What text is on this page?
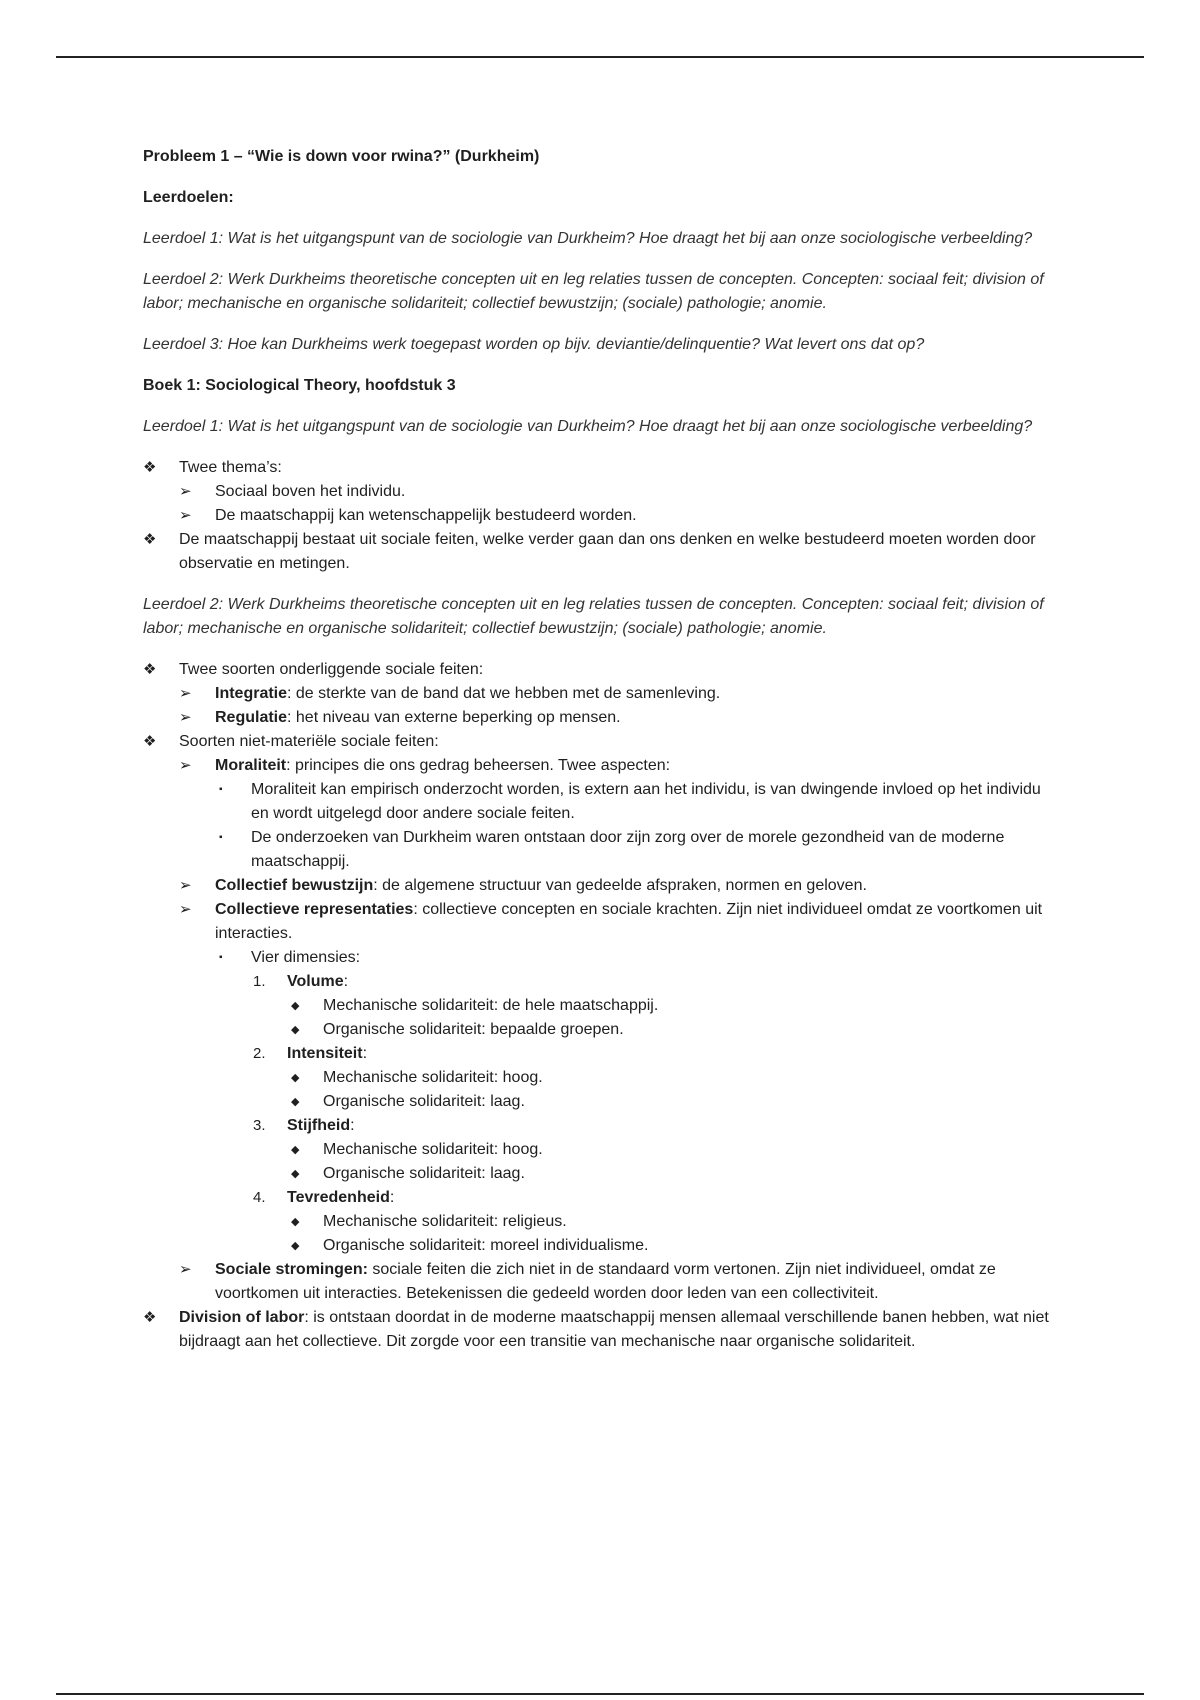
Probleem 1 – “Wie is down voor rwina?” (Durkheim)

Leerdoelen:

Leerdoel 1: Wat is het uitgangspunt van de sociologie van Durkheim? Hoe draagt het bij aan onze sociologische verbeelding?

Leerdoel 2: Werk Durkheims theoretische concepten uit en leg relaties tussen de concepten. Concepten: sociaal feit; division of labor; mechanische en organische solidariteit; collectief bewustzijn; (sociale) pathologie; anomie.

Leerdoel 3: Hoe kan Durkheims werk toegepast worden op bijv. deviantie/delinquentie? Wat levert ons dat op?

Boek 1: Sociological Theory, hoofdstuk 3

Leerdoel 1: Wat is het uitgangspunt van de sociologie van Durkheim? Hoe draagt het bij aan onze sociologische verbeelding?

❖	Twee thema’s:
➢	Sociaal boven het individu.
➢	De maatschappij kan wetenschappelijk bestudeerd worden.
❖	De maatschappij bestaat uit sociale feiten, welke verder gaan dan ons denken en welke bestudeerd moeten worden door observatie en metingen.

Leerdoel 2: Werk Durkheims theoretische concepten uit en leg relaties tussen de concepten. Concepten: sociaal feit; division of labor; mechanische en organische solidariteit; collectief bewustzijn; (sociale) pathologie; anomie.

❖	Twee soorten onderliggende sociale feiten:
➢	Integratie: de sterkte van de band dat we hebben met de samenleving.
➢	Regulatie: het niveau van externe beperking op mensen.
❖	Soorten niet-materiële sociale feiten:
➢	Moraliteit: principes die ons gedrag beheersen. Twee aspecten:
▪	Moraliteit kan empirisch onderzocht worden, is extern aan het individu, is van dwingende invloed op het individu en wordt uitgelegd door andere sociale feiten.
▪	De onderzoeken van Durkheim waren ontstaan door zijn zorg over de morele gezondheid van de moderne maatschappij.
➢	Collectief bewustzijn: de algemene structuur van gedeelde afspraken, normen en geloven.
➢	Collectieve representaties: collectieve concepten en sociale krachten. Zijn niet individueel omdat ze voortkomen uit interacties.
▪	Vier dimensies:
1.	Volume:
◆	Mechanische solidariteit: de hele maatschappij.
◆	Organische solidariteit: bepaalde groepen.
2.	Intensiteit:
◆	Mechanische solidariteit: hoog.
◆	Organische solidariteit: laag.
3.	Stijfheid:
◆	Mechanische solidariteit: hoog.
◆	Organische solidariteit: laag.
4.	Tevredenheid:
◆	Mechanische solidariteit: religieus.
◆	Organische solidariteit: moreel individualisme.
➢	Sociale stromingen: sociale feiten die zich niet in de standaard vorm vertonen. Zijn niet individueel, omdat ze voortkomen uit interacties. Betekenissen die gedeeld worden door leden van een collectiviteit.
❖	Division of labor: is ontstaan doordat in de moderne maatschappij mensen allemaal verschillende banen hebben, wat niet bijdraagt aan het collectieve. Dit zorgde voor een transitie van mechanische naar organische solidariteit.
